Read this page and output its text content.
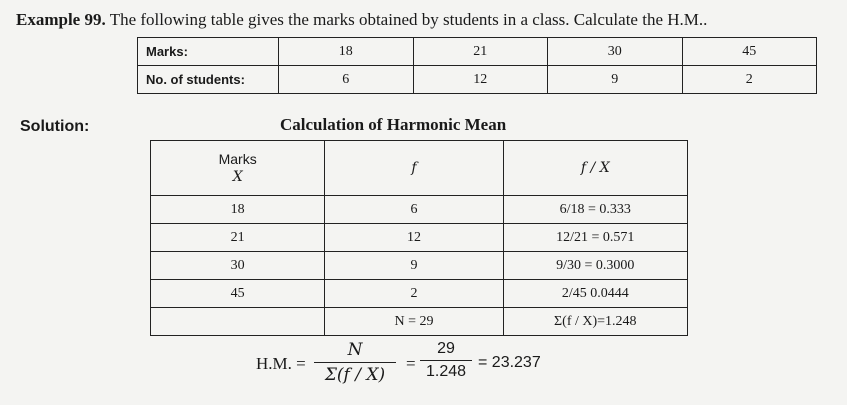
Example 99. The following table gives the marks obtained by students in a class. Calculate the H.M..
Marks:	18	21	30	45
No. of students:	6	12	9	2
Solution:	Calculation of Harmonic Mean
Marks
X	f	f / X
18	6	6/18 = 0.333
21	12	12/21 = 0.571
30	9	9/30 = 0.3000
45	2	2/45 0.0444
	N = 29	Σ(f / X)=1.248
H.M. = $\frac{N}{\Sigma(f / X)} = \frac{29}{1.248} = 23.237$
